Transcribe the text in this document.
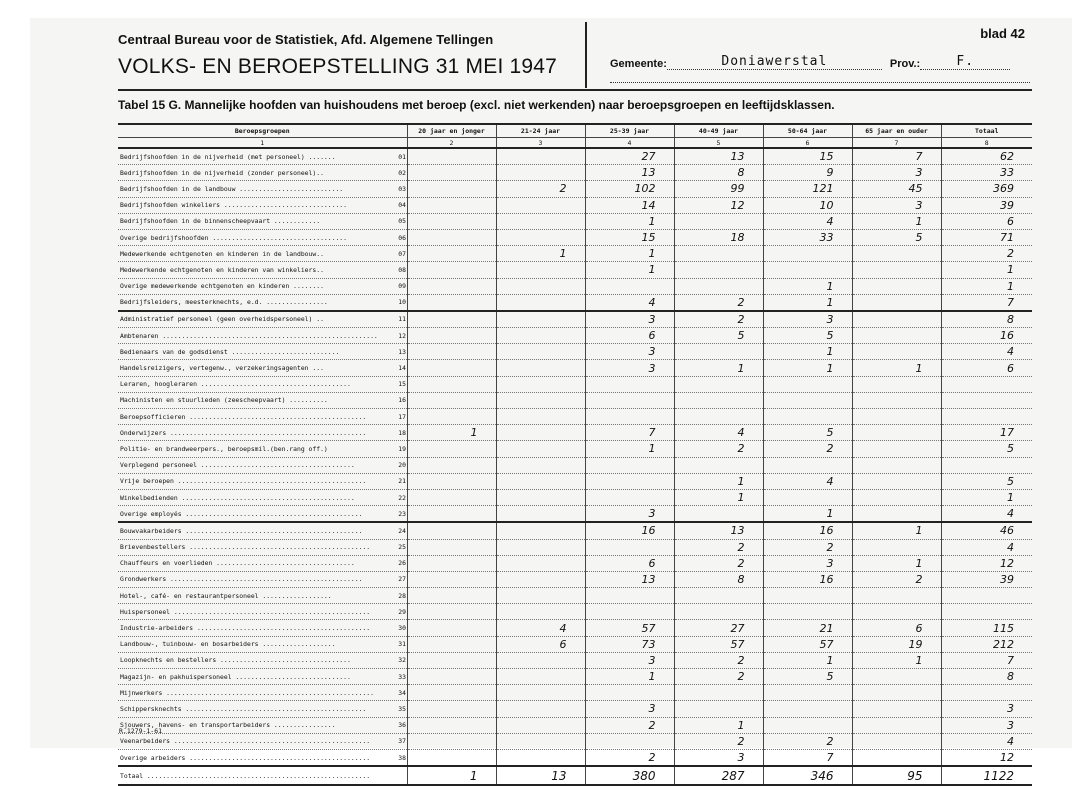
Centraal Bureau voor de Statistiek, Afd. Algemene Tellingen
VOLKS- EN BEROEPSTELLING 31 MEI 1947
blad 42
Gemeente:	Doniawerstal	Prov.:	F.
Tabel 15 G. Mannelijke hoofden van huishoudens met beroep (excl. niet werkenden) naar beroepsgroepen en leeftijdsklassen.
Beroepsgroepen	20 jaar en jonger	21-24 jaar	25-39 jaar	40-49 jaar	50-64 jaar	65 jaar en ouder	Totaal
1	2	3	4	5	6	7	8
Bedrijfshoofden in de nijverheid (met personeel) ....... 01			27	13	15	7	62
Bedrijfshoofden in de nijverheid (zonder personeel).. 02			13	8	9	3	33
Bedrijfshoofden in de landbouw ........................... 03		2	102	99	121	45	369
Bedrijfshoofden winkeliers ................................ 04			14	12	10	3	39
Bedrijfshoofden in de binnenscheepvaart ............ 05			1		4	1	6
Overige bedrijfshoofden ................................... 06			15	18	33	5	71
Medewerkende echtgenoten en kinderen in de landbouw.. 07		1	1				2
Medewerkende echtgenoten en kinderen van winkeliers.. 08			1				1
Overige medewerkende echtgenoten en kinderen ........ 09					1		1
Bedrijfsleiders, meesterknechts, e.d. ................ 10			4	2	1		7
Administratief personeel (geen overheidspersoneel) .. 11			3	2	3		8
Ambtenaren ........................................................ 12			6	5	5		16
Bedienaars van de godsdienst ............................ 13			3		1		4
Handelsreizigers, vertegenw., verzekeringsagenten ... 14			3	1	1	1	6
Leraren, hoogleraren ....................................... 15							
Machinisten en stuurlieden (zeescheepvaart) .......... 16							
Beroepsofficieren .............................................. 17							
Onderwijzers ................................................... 18	1		7	4	5		17
Politie- en brandweerpers., beroepsmil.(ben.rang off.) 19			1	2	2		5
Verplegend personeel ........................................ 20							
Vrije beroepen ................................................. 21				1	4		5
Winkelbedienden ............................................. 22				1			1
Overige employés .............................................. 23			3		1		4
Bouwvakarbeiders .............................................. 24			16	13	16	1	46
Brievenbestellers ............................................... 25				2	2		4
Chauffeurs en voerlieden .................................... 26			6	2	3	1	12
Grondwerkers .................................................. 27			13	8	16	2	39
Hotel-, café- en restaurantpersoneel .................. 28							
Huispersoneel ................................................... 29							
Industrie-arbeiders ............................................. 30		4	57	27	21	6	115
Landbouw-, tuinbouw- en bosarbeiders ................... 31		6	73	57	57	19	212
Loopknechts en bestellers .................................. 32			3	2	1	1	7
Magazijn- en pakhuispersoneel .............................. 33			1	2	5		8
Mijnwerkers ...................................................... 34							
Schippersknechts ............................................... 35			3				3
Sjouwers, havens- en transportarbeiders ................ 36			2	1			3
Veenarbeiders ................................................... 37				2	2		4
Overige arbeiders ............................................... 38			2	3	7		12
Totaal ..........................................................	1	13	380	287	346	95	1122
R.1279-1-61
